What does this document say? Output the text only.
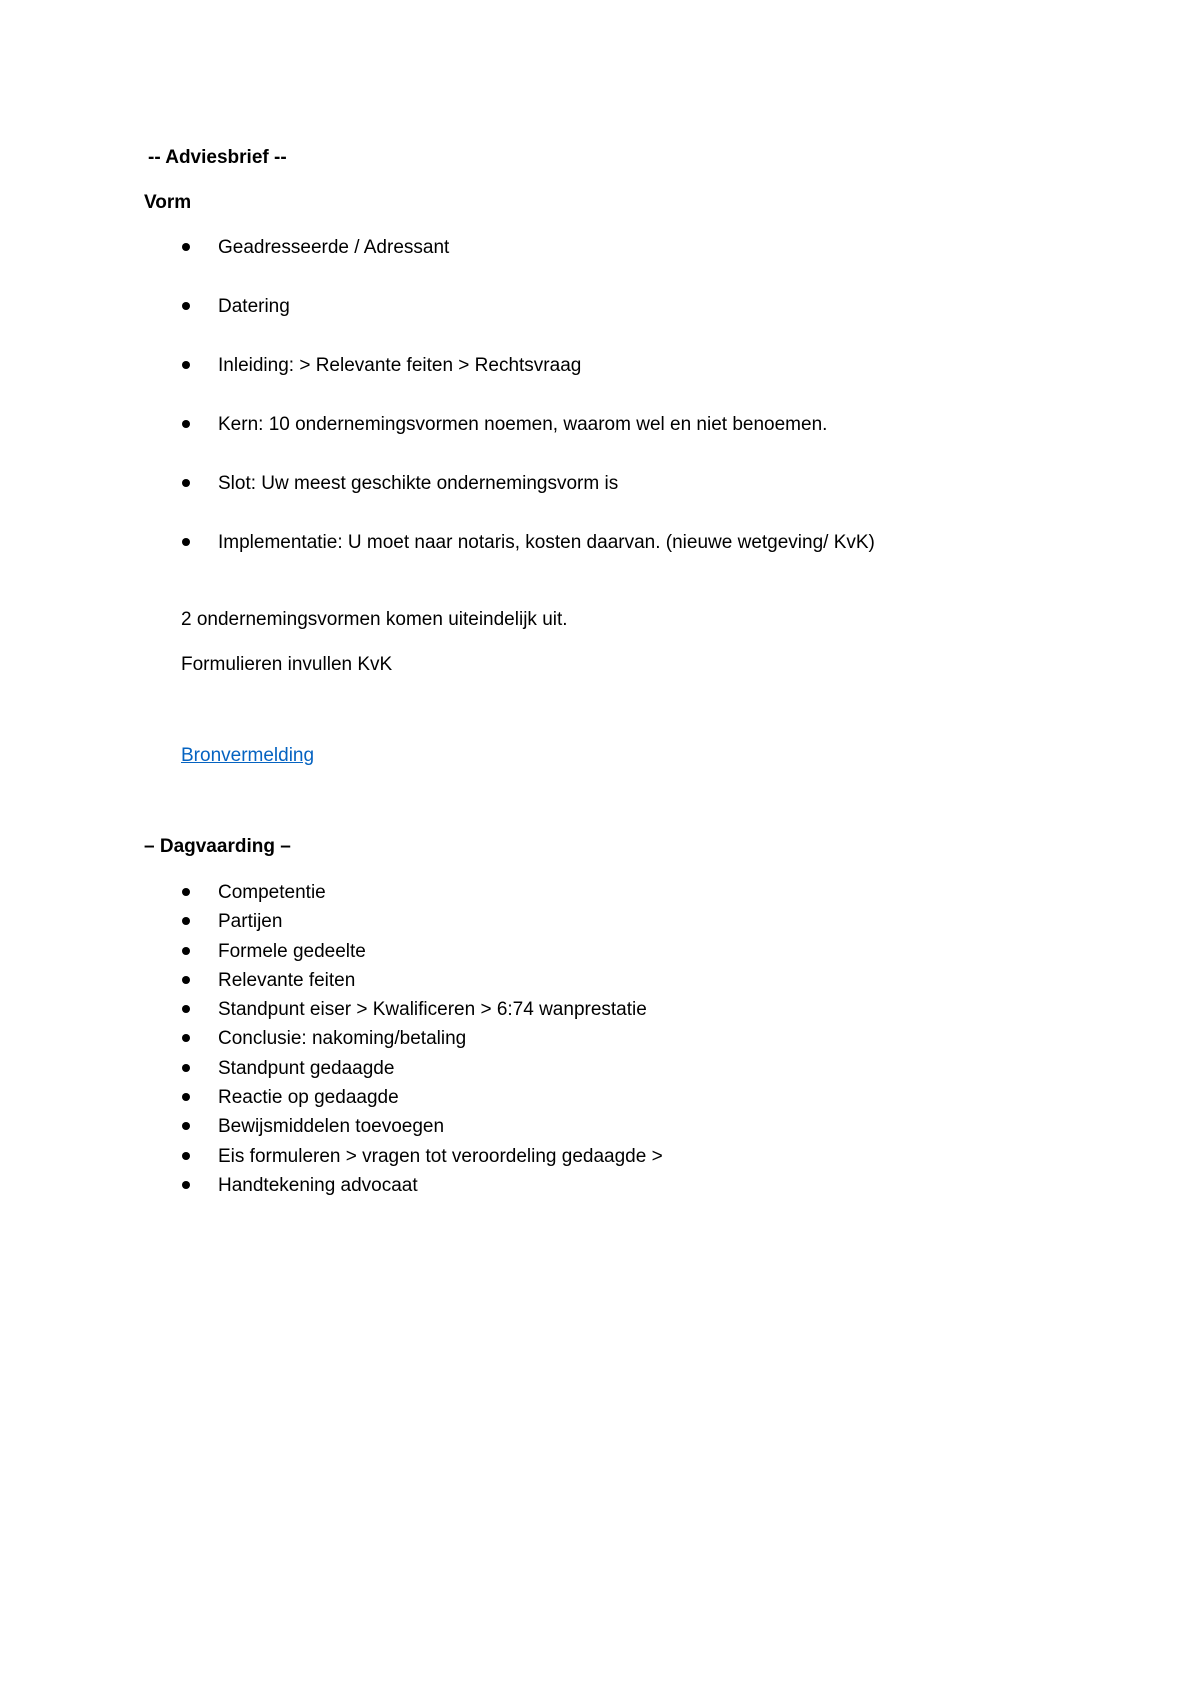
-- Adviesbrief --
Vorm
Geadresseerde / Adressant
Datering
Inleiding: > Relevante feiten > Rechtsvraag
Kern: 10 ondernemingsvormen noemen, waarom wel en niet benoemen.
Slot: Uw meest geschikte ondernemingsvorm is
Implementatie: U moet naar notaris, kosten daarvan. (nieuwe wetgeving/ KvK)
2 ondernemingsvormen komen uiteindelijk uit.
Formulieren invullen KvK
Bronvermelding
– Dagvaarding –
Competentie
Partijen
Formele gedeelte
Relevante feiten
Standpunt eiser > Kwalificeren > 6:74 wanprestatie
Conclusie: nakoming/betaling
Standpunt gedaagde
Reactie op gedaagde
Bewijsmiddelen toevoegen
Eis formuleren > vragen tot veroordeling gedaagde >
Handtekening advocaat
